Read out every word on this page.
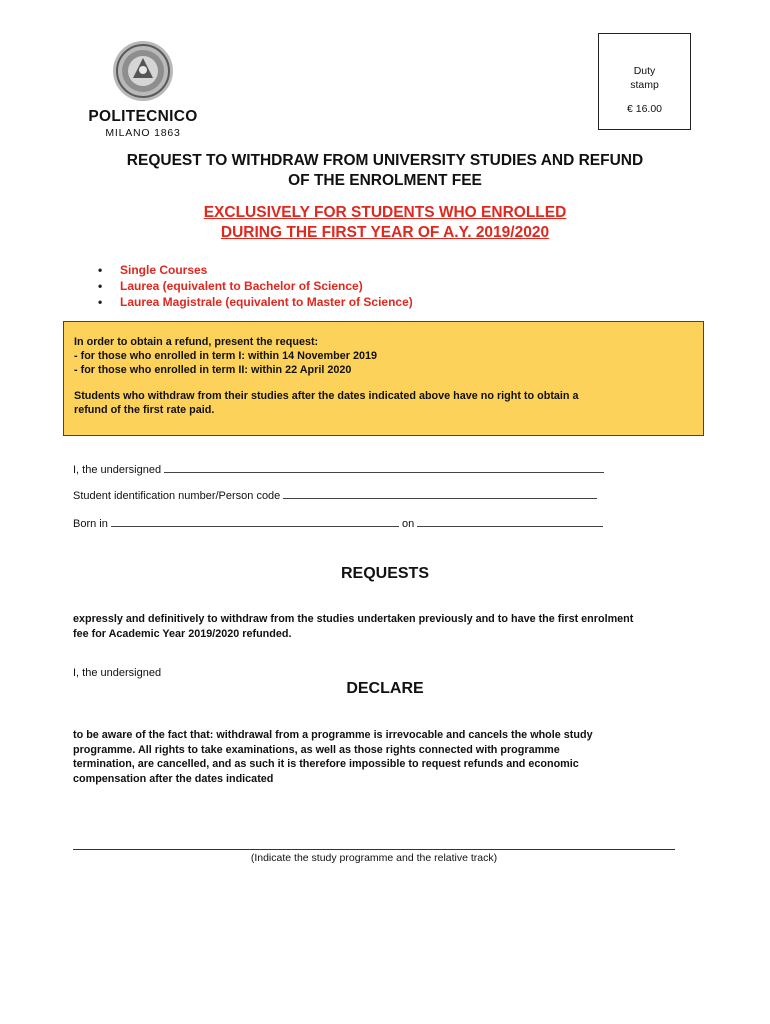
POLITECNICO
MILANO 1863
Duty
stamp
€ 16.00
REQUEST TO WITHDRAW FROM UNIVERSITY STUDIES AND REFUND
OF THE ENROLMENT FEE
EXCLUSIVELY FOR STUDENTS WHO ENROLLED
DURING THE FIRST YEAR OF A.Y. 2019/2020
• Single Courses
• Laurea (equivalent to Bachelor of Science)
• Laurea Magistrale (equivalent to Master of Science)

In order to obtain a refund, present the request:

- for those who enrolled in term I: within 14 November 2019

- for those who enrolled in term II: within 22 April 2020

Students who withdraw from their studies after the dates indicated above have no right to obtain a

refund of the first rate paid.

I, the undersigned
Student identification number/Person code
Born in	on
REQUESTS
expressly and definitively to withdraw from the studies undertaken previously and to have the first enrolment
fee for Academic Year 2019/2020 refunded.
I, the undersigned
DECLARE
to be aware of the fact that: withdrawal from a programme is irrevocable and cancels the whole study
programme. All rights to take examinations, as well as those rights connected with programme
termination, are cancelled, and as such it is therefore impossible to request refunds and economic
compensation after the dates indicated
(Indicate the study programme and the relative track)
